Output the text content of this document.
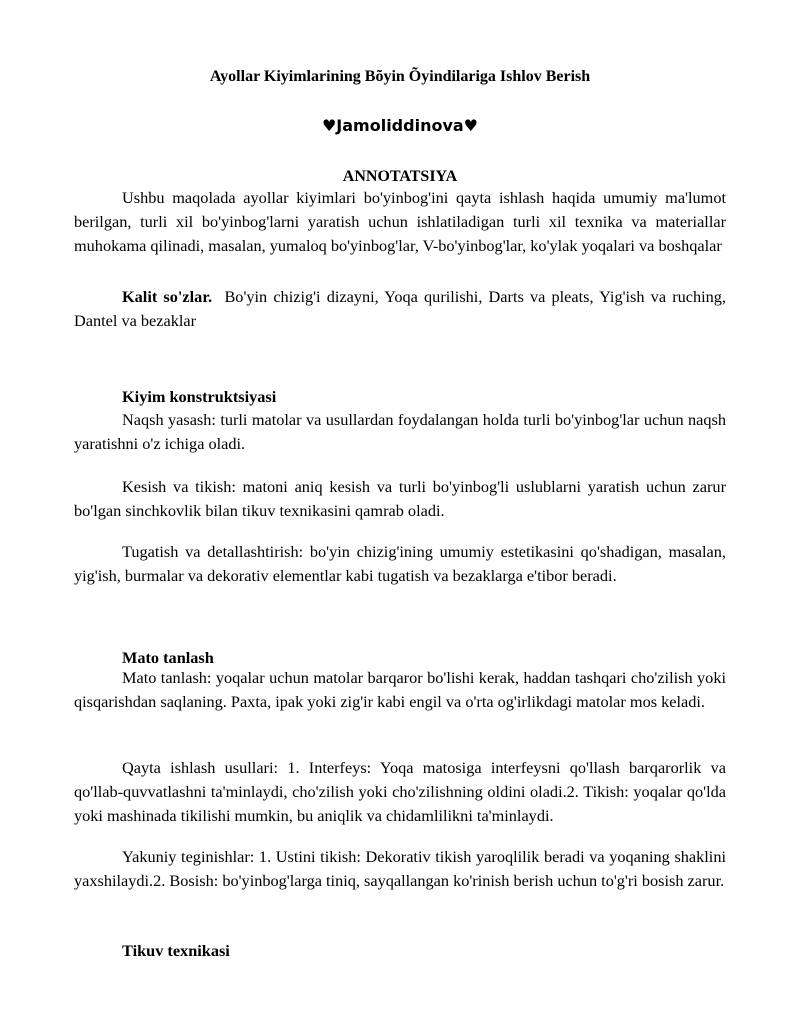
Ayollar Kiyimlarining Bõyin Õyindilariga Ishlov Berish
♥Jamoliddinova♥
ANNOTATSIYA

Ushbu maqolada ayollar kiyimlari bo'yinbog'ini qayta ishlash haqida umumiy ma'lumot berilgan, turli xil bo'yinbog'larni yaratish uchun ishlatiladigan turli xil texnika va materiallar muhokama qilinadi, masalan, yumaloq bo'yinbog'lar, V-bo'yinbog'lar, ko'ylak yoqalari va boshqalar

Kalit so'zlar. Bo'yin chizig'i dizayni, Yoqa qurilishi, Darts va pleats, Yig'ish va ruching, Dantel va bezaklar

Kiyim konstruktsiyasi

Naqsh yasash: turli matolar va usullardan foydalangan holda turli bo'yinbog'lar uchun naqsh yaratishni o'z ichiga oladi.

Kesish va tikish: matoni aniq kesish va turli bo'yinbog'li uslublarni yaratish uchun zarur bo'lgan sinchkovlik bilan tikuv texnikasini qamrab oladi.

Tugatish va detallashtirish: bo'yin chizig'ining umumiy estetikasini qo'shadigan, masalan, yig'ish, burmalar va dekorativ elementlar kabi tugatish va bezaklarga e'tibor beradi.

Mato tanlash

Mato tanlash: yoqalar uchun matolar barqaror bo'lishi kerak, haddan tashqari cho'zilish yoki qisqarishdan saqlaning. Paxta, ipak yoki zig'ir kabi engil va o'rta og'irlikdagi matolar mos keladi.

Qayta ishlash usullari: 1. Interfeys: Yoqa matosiga interfeysni qo'llash barqarorlik va qo'llab-quvvatlashni ta'minlaydi, cho'zilish yoki cho'zilishning oldini oladi.2. Tikish: yoqalar qo'lda yoki mashinada tikilishi mumkin, bu aniqlik va chidamlilikni ta'minlaydi.

Yakuniy teginishlar: 1. Ustini tikish: Dekorativ tikish yaroqlilik beradi va yoqaning shaklini yaxshilaydi.2. Bosish: bo'yinbog'larga tiniq, sayqallangan ko'rinish berish uchun to'g'ri bosish zarur.

Tikuv texnikasi
